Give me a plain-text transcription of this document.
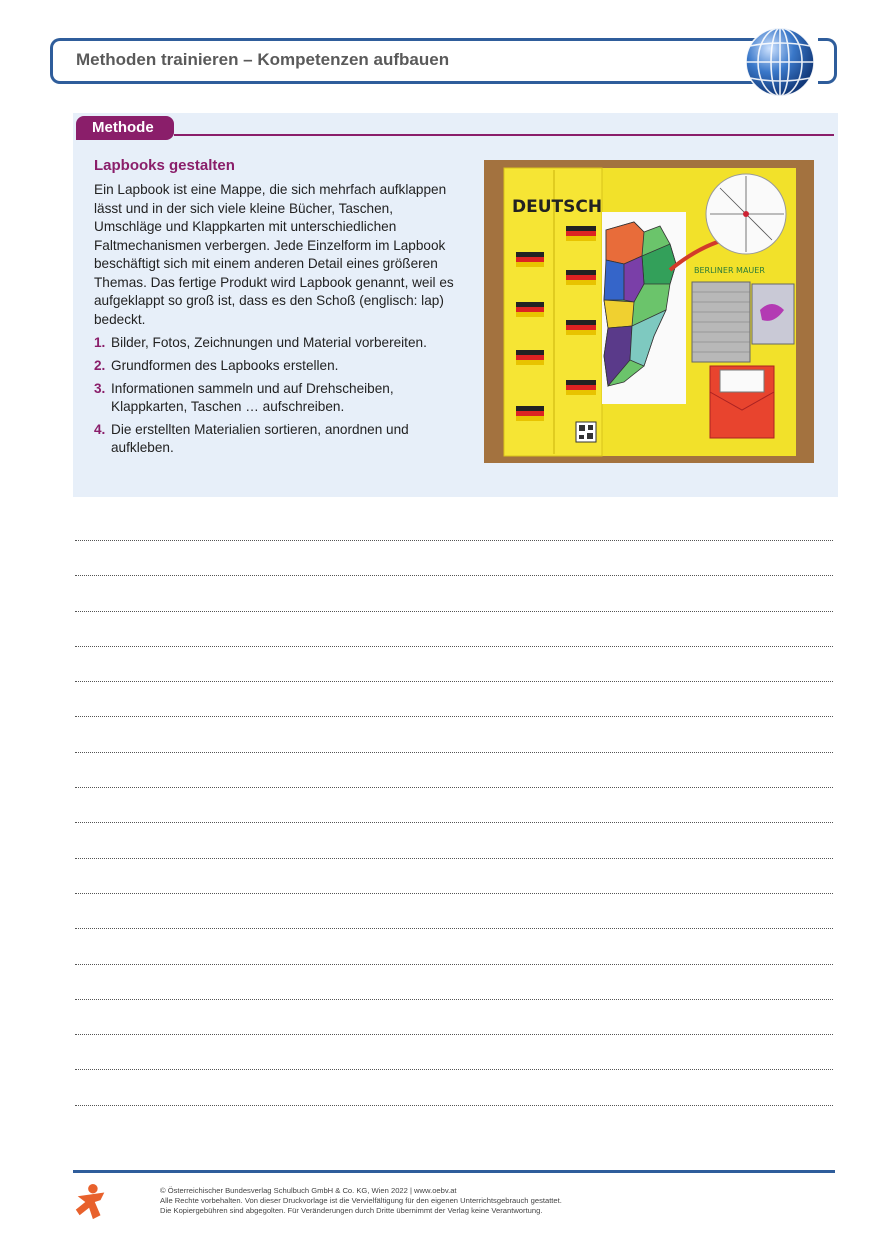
Methoden trainieren – Kompetenzen aufbauen
Methode
Lapbooks gestalten

Ein Lapbook ist eine Mappe, die sich mehrfach aufklappen lässt und in der sich viele kleine Bücher, Taschen, Umschläge und Klappkarten mit unterschiedlichen Faltmechanismen verbergen. Jede Einzelform im Lapbook beschäftigt sich mit einem anderen Detail eines größeren Themas. Das fertige Produkt wird Lapbook genannt, weil es aufgeklappt so groß ist, dass es den Schoß (englisch: lap) bedeckt.

1. Bilder, Fotos, Zeichnungen und Material vorbereiten.
2. Grundformen des Lapbooks erstellen.
3. Informationen sammeln und auf Drehscheiben, Klappkarten, Taschen … aufschreiben.
4. Die erstellten Materialien sortieren, anordnen und aufkleben.
DEUTSCH
BERLINER MAUER

© Österreichischer Bundesverlag Schulbuch GmbH & Co. KG, Wien 2022 | www.oebv.at
Alle Rechte vorbehalten. Von dieser Druckvorlage ist die Vervielfältigung für den eigenen Unterrichtsgebrauch gestattet.
Die Kopiergebühren sind abgegolten. Für Veränderungen durch Dritte übernimmt der Verlag keine Verantwortung.
